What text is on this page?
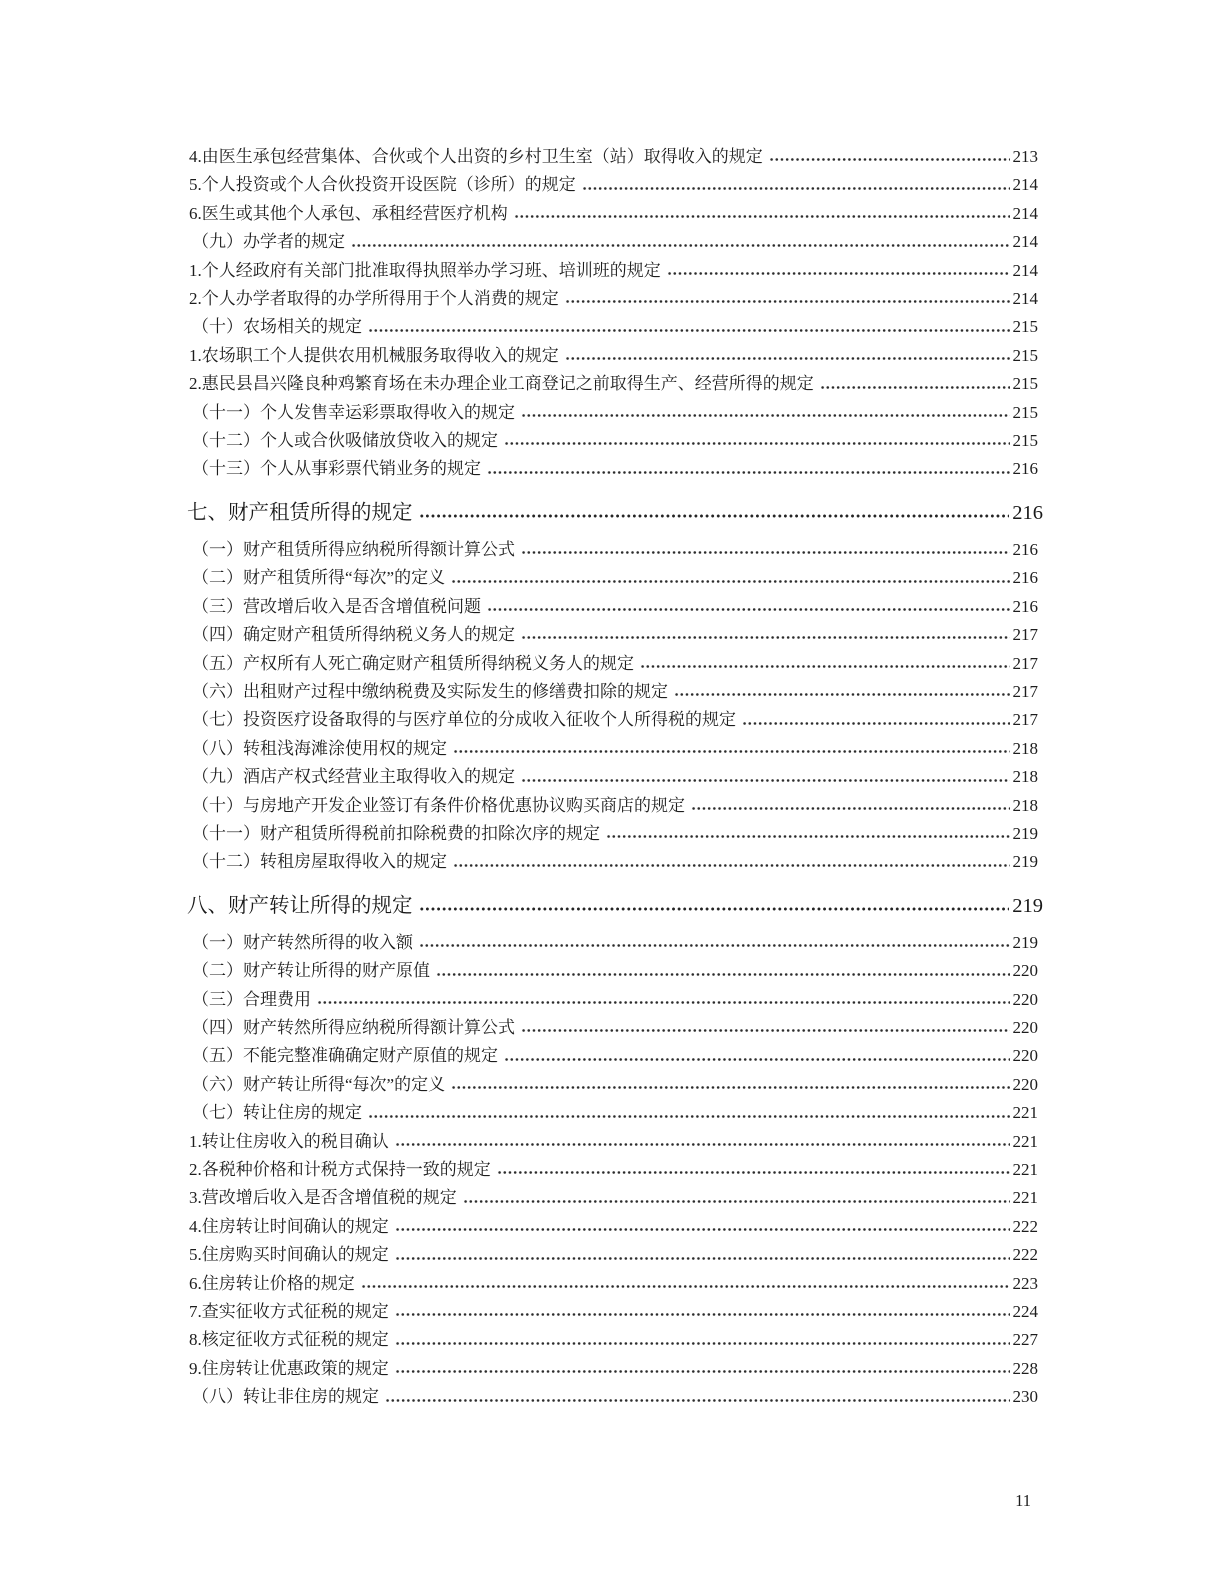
4.由医生承包经营集体、合伙或个人出资的乡村卫生室（站）取得收入的规定	213
5.个人投资或个人合伙投资开设医院（诊所）的规定	214
6.医生或其他个人承包、承租经营医疗机构	214
（九）办学者的规定	214
1.个人经政府有关部门批准取得执照举办学习班、培训班的规定	214
2.个人办学者取得的办学所得用于个人消费的规定	214
（十）农场相关的规定	215
1.农场职工个人提供农用机械服务取得收入的规定	215
2.惠民县昌兴隆良种鸡繁育场在未办理企业工商登记之前取得生产、经营所得的规定	215
（十一）个人发售幸运彩票取得收入的规定	215
（十二）个人或合伙吸储放贷收入的规定	215
（十三）个人从事彩票代销业务的规定	216
七、财产租赁所得的规定	216
（一）财产租赁所得应纳税所得额计算公式	216
（二）财产租赁所得“每次”的定义	216
（三）营改增后收入是否含增值税问题	216
（四）确定财产租赁所得纳税义务人的规定	217
（五）产权所有人死亡确定财产租赁所得纳税义务人的规定	217
（六）出租财产过程中缴纳税费及实际发生的修缮费扣除的规定	217
（七）投资医疗设备取得的与医疗单位的分成收入征收个人所得税的规定	217
（八）转租浅海滩涂使用权的规定	218
（九）酒店产权式经营业主取得收入的规定	218
（十）与房地产开发企业签订有条件价格优惠协议购买商店的规定	218
（十一）财产租赁所得税前扣除税费的扣除次序的规定	219
（十二）转租房屋取得收入的规定	219
八、财产转让所得的规定	219
（一）财产转然所得的收入额	219
（二）财产转让所得的财产原值	220
（三）合理费用	220
（四）财产转然所得应纳税所得额计算公式	220
（五）不能完整准确确定财产原值的规定	220
（六）财产转让所得“每次”的定义	220
（七）转让住房的规定	221
1.转让住房收入的税目确认	221
2.各税种价格和计税方式保持一致的规定	221
3.营改增后收入是否含增值税的规定	221
4.住房转让时间确认的规定	222
5.住房购买时间确认的规定	222
6.住房转让价格的规定	223
7.查实征收方式征税的规定	224
8.核定征收方式征税的规定	227
9.住房转让优惠政策的规定	228
（八）转让非住房的规定	230
11
